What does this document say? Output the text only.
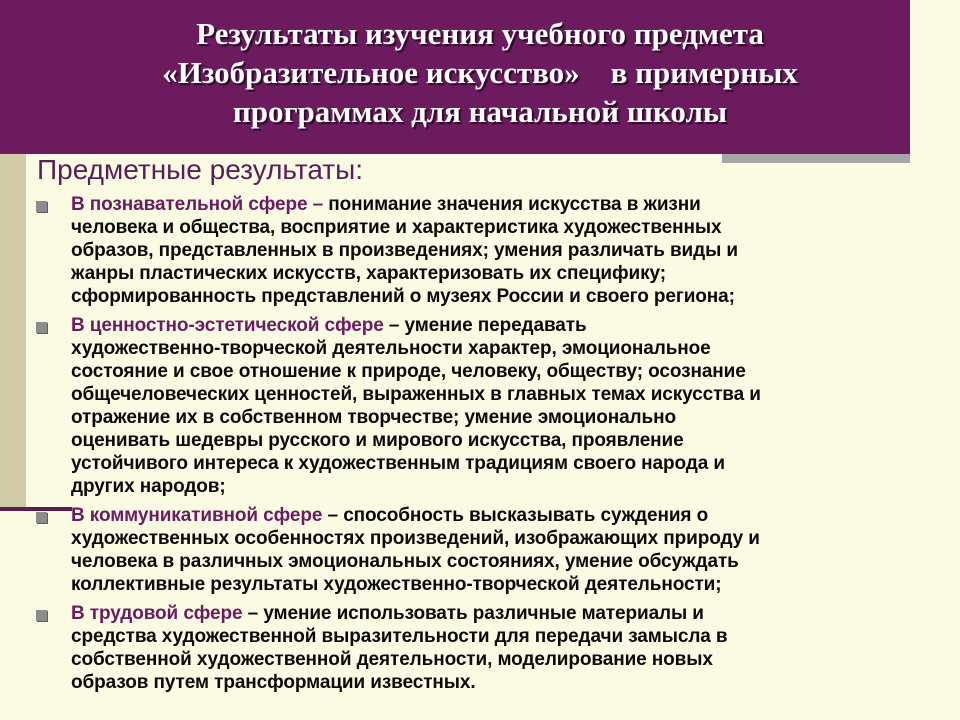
Результаты изучения учебного предмета
«Изобразительное искусство»    в примерных
программах для начальной школы
Предметные результаты:
В познавательной сфере – понимание значения искусства в жизни
человека и общества, восприятие и характеристика художественных
образов, представленных в произведениях; умения различать виды и
жанры пластических искусств, характеризовать их специфику;
сформированность представлений о музеях России и своего региона;
В ценностно-эстетической сфере – умение передавать
художественно-творческой деятельности характер, эмоциональное
состояние и свое отношение к природе, человеку, обществу; осознание
общечеловеческих ценностей, выраженных в главных темах искусства и
отражение их в собственном творчестве; умение эмоционально
оценивать шедевры русского и мирового искусства, проявление
устойчивого интереса к художественным традициям своего народа и
других народов;
В коммуникативной сфере – способность высказывать суждения о
художественных особенностях произведений, изображающих природу и
человека в различных эмоциональных состояниях, умение обсуждать
коллективные результаты художественно-творческой деятельности;
В трудовой сфере – умение использовать различные материалы и
средства художественной выразительности для передачи замысла в
собственной художественной деятельности, моделирование новых
образов путем трансформации известных.
